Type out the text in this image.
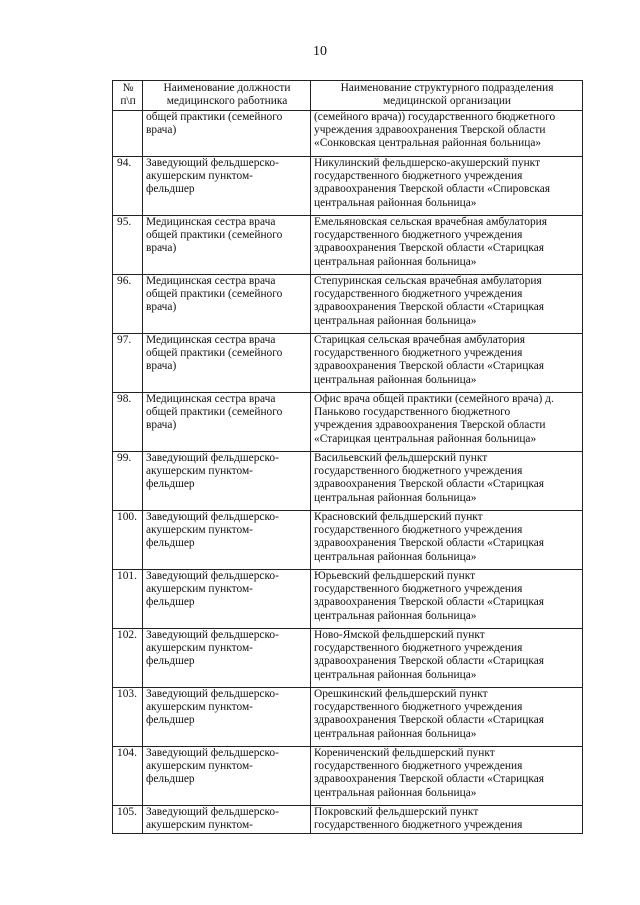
10
№
п\п	Наименование должности
медицинского работника	Наименование структурного подразделения
медицинской организации
	общей практики (семейного
врача)	(семейного врача)) государственного бюджетного
учреждения здравоохранения Тверской области
«Сонковская центральная районная больница»
94.	Заведующий фельдшерско-
акушерским пунктом-
фельдшер	Никулинский фельдшерско-акушерский пункт
государственного бюджетного учреждения
здравоохранения Тверской области «Спировская
центральная районная больница»
95.	Медицинская сестра врача
общей практики (семейного
врача)	Емельяновская сельская врачебная амбулатория
государственного бюджетного учреждения
здравоохранения Тверской области «Старицкая
центральная районная больница»
96.	Медицинская сестра врача
общей практики (семейного
врача)	Степуринская сельская врачебная амбулатория
государственного бюджетного учреждения
здравоохранения Тверской области «Старицкая
центральная районная больница»
97.	Медицинская сестра врача
общей практики (семейного
врача)	Старицкая сельская врачебная амбулатория
государственного бюджетного учреждения
здравоохранения Тверской области «Старицкая
центральная районная больница»
98.	Медицинская сестра врача
общей практики (семейного
врача)	Офис врача общей практики (семейного врача) д.
Паньково государственного бюджетного
учреждения здравоохранения Тверской области
«Старицкая центральная районная больница»
99.	Заведующий фельдшерско-
акушерским пунктом-
фельдшер	Васильевский фельдшерский пункт
государственного бюджетного учреждения
здравоохранения Тверской области «Старицкая
центральная районная больница»
100.	Заведующий фельдшерско-
акушерским пунктом-
фельдшер	Красновский фельдшерский пункт
государственного бюджетного учреждения
здравоохранения Тверской области «Старицкая
центральная районная больница»
101.	Заведующий фельдшерско-
акушерским пунктом-
фельдшер	Юрьевский фельдшерский пункт
государственного бюджетного учреждения
здравоохранения Тверской области «Старицкая
центральная районная больница»
102.	Заведующий фельдшерско-
акушерским пунктом-
фельдшер	Ново-Ямской фельдшерский пункт
государственного бюджетного учреждения
здравоохранения Тверской области «Старицкая
центральная районная больница»
103.	Заведующий фельдшерско-
акушерским пунктом-
фельдшер	Орешкинский фельдшерский пункт
государственного бюджетного учреждения
здравоохранения Тверской области «Старицкая
центральная районная больница»
104.	Заведующий фельдшерско-
акушерским пунктом-
фельдшер	Корениченский фельдшерский пункт
государственного бюджетного учреждения
здравоохранения Тверской области «Старицкая
центральная районная больница»
105.	Заведующий фельдшерско-
акушерским пунктом-	Покровский фельдшерский пункт
государственного бюджетного учреждения
